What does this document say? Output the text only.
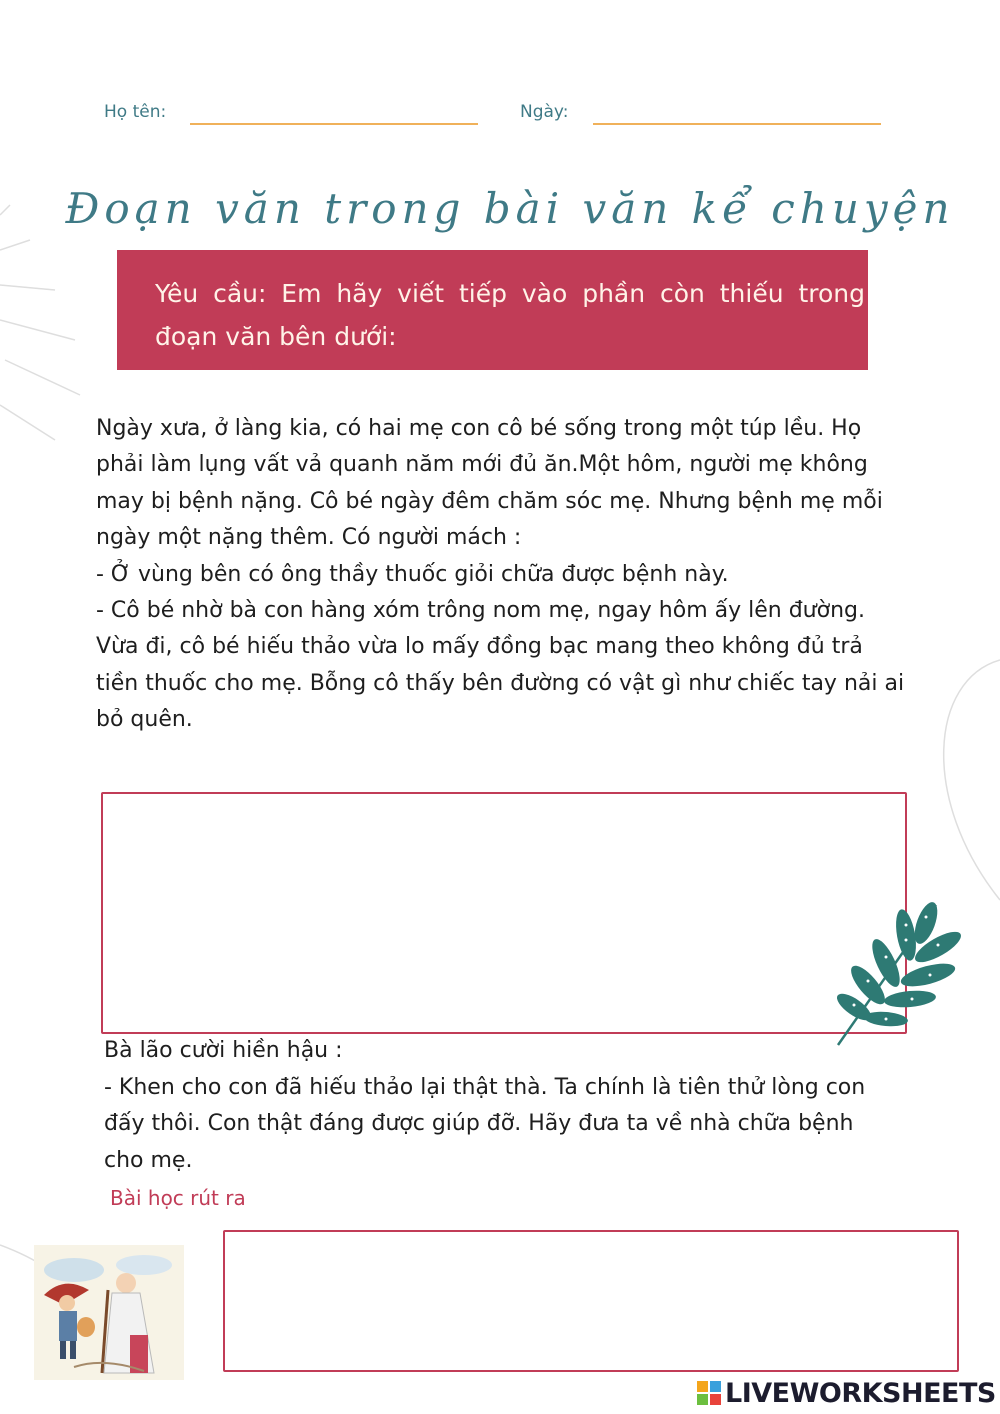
Họ tên:	Ngày:
Đoạn văn trong bài văn kể chuyện
Yêu cầu: Em hãy viết tiếp vào phần còn thiếu trong đoạn văn bên dưới:

Ngày xưa, ở làng kia, có hai mẹ con cô bé sống trong một túp lều. Họ phải làm lụng vất vả quanh năm mới đủ ăn.Một hôm, người mẹ không may bị bệnh nặng. Cô bé ngày đêm chăm sóc mẹ. Nhưng bệnh mẹ mỗi ngày một nặng thêm. Có người mách :

- Ở vùng bên có ông thầy thuốc giỏi chữa được bệnh này.

- Cô bé nhờ bà con hàng xóm trông nom mẹ, ngay hôm ấy lên đường.

Vừa đi, cô bé hiếu thảo vừa lo mấy đồng bạc mang theo không đủ trả tiền thuốc cho mẹ. Bỗng cô thấy bên đường có vật gì như chiếc tay nải ai bỏ quên.

Bà lão cười hiền hậu :

- Khen cho con đã hiếu thảo lại thật thà. Ta chính là tiên thử lòng con đấy thôi. Con thật đáng được giúp đỡ. Hãy đưa ta về nhà chữa bệnh cho mẹ.

Bài học rút ra
LIVEWORKSHEETS
